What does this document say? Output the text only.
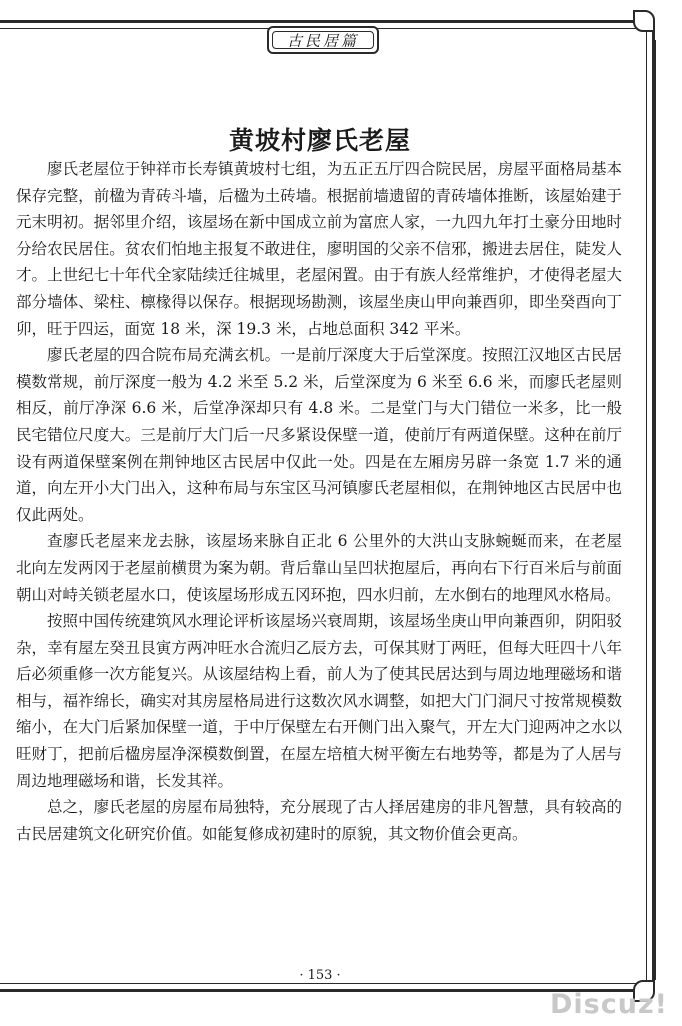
古民居篇
黄坡村廖氏老屋

廖氏老屋位于钟祥市长寿镇黄坡村七组，为五正五厅四合院民居，房屋平面格局基本保存完整，前楹为青砖斗墙，后楹为土砖墙。根据前墙遗留的青砖墙体推断，该屋始建于元末明初。据邻里介绍，该屋场在新中国成立前为富庶人家，一九四九年打土豪分田地时分给农民居住。贫农们怕地主报复不敢进住，廖明国的父亲不信邪，搬进去居住，陡发人才。上世纪七十年代全家陆续迁往城里，老屋闲置。由于有族人经常维护，才使得老屋大部分墙体、梁柱、檩椽得以保存。根据现场勘测，该屋坐庚山甲向兼酉卯，即坐癸酉向丁卯，旺于四运，面宽 18 米，深 19.3 米，占地总面积 342 平米。

廖氏老屋的四合院布局充满玄机。一是前厅深度大于后堂深度。按照江汉地区古民居模数常规，前厅深度一般为 4.2 米至 5.2 米，后堂深度为 6 米至 6.6 米，而廖氏老屋则相反，前厅净深 6.6 米，后堂净深却只有 4.8 米。二是堂门与大门错位一米多，比一般民宅错位尺度大。三是前厅大门后一尺多紧设保壁一道，使前厅有两道保壁。这种在前厅设有两道保壁案例在荆钟地区古民居中仅此一处。四是在左厢房另辟一条宽 1.7 米的通道，向左开小大门出入，这种布局与东宝区马河镇廖氏老屋相似，在荆钟地区古民居中也仅此两处。

查廖氏老屋来龙去脉，该屋场来脉自正北 6 公里外的大洪山支脉蜿蜒而来，在老屋北向左发两冈于老屋前横贯为案为朝。背后靠山呈凹状抱屋后，再向右下行百米后与前面朝山对峙关锁老屋水口，使该屋场形成五冈环抱，四水归前，左水倒右的地理风水格局。

按照中国传统建筑风水理论评析该屋场兴衰周期，该屋场坐庚山甲向兼酉卯，阴阳驳杂，幸有屋左癸丑艮寅方两冲旺水合流归乙辰方去，可保其财丁两旺，但每大旺四十八年后必须重修一次方能复兴。从该屋结构上看，前人为了使其民居达到与周边地理磁场和谐相与，福祚绵长，确实对其房屋格局进行这数次风水调整，如把大门门洞尺寸按常规模数缩小，在大门后紧加保壁一道，于中厅保壁左右开侧门出入聚气，开左大门迎两冲之水以旺财丁，把前后楹房屋净深模数倒置，在屋左培植大树平衡左右地势等，都是为了人居与周边地理磁场和谐，长发其祥。

总之，廖氏老屋的房屋布局独特，充分展现了古人择居建房的非凡智慧，具有较高的古民居建筑文化研究价值。如能复修成初建时的原貌，其文物价值会更高。

· 153 ·
Discuz!
